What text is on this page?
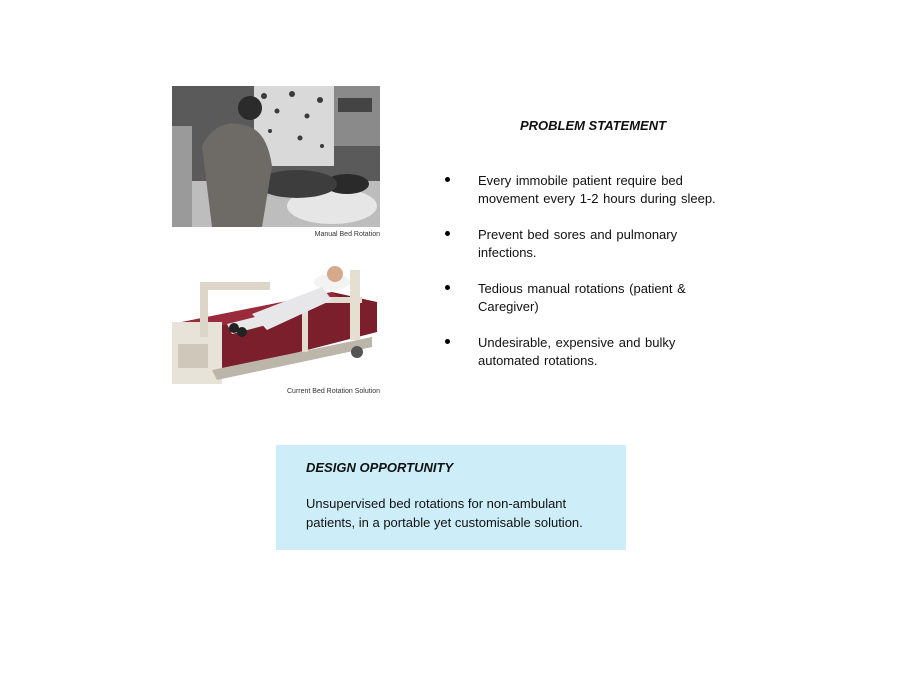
Manual Bed Rotation
Current Bed Rotation Solution
PROBLEM STATEMENT
Every immobile patient require bed movement every 1-2 hours during sleep.
Prevent bed sores and pulmonary infections.
Tedious manual rotations (patient & Caregiver)
Undesirable, expensive and bulky automated rotations.
DESIGN OPPORTUNITY
Unsupervised bed rotations for non-ambulant patients, in a portable yet customisable solution.
